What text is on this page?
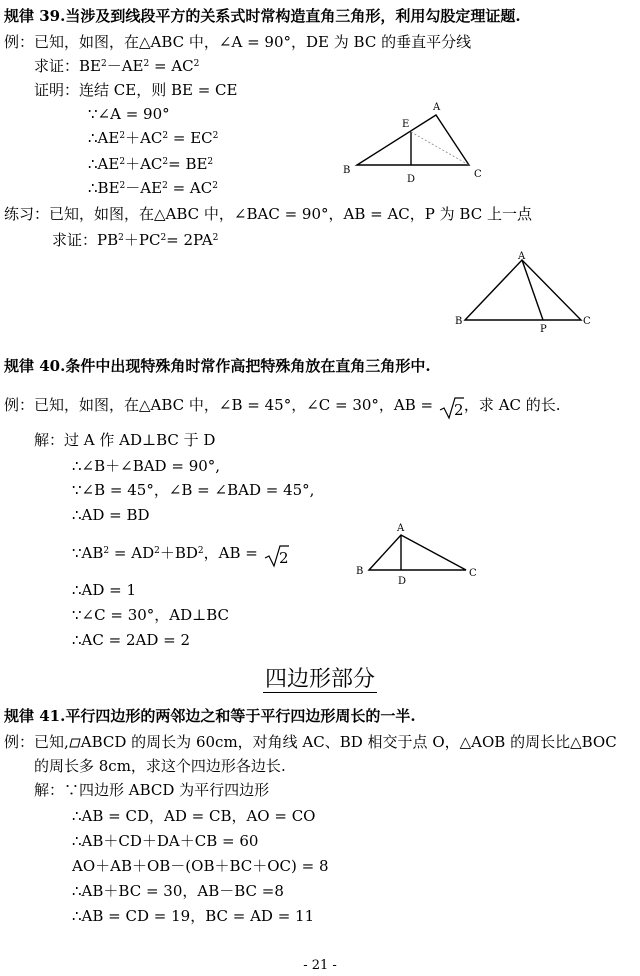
规律 39.当涉及到线段平方的关系式时常构造直角三角形，利用勾股定理证题.
例：已知，如图，在△ABC 中，∠A = 90°，DE 为 BC 的垂直平分线
求证：$BE^2-AE^2 = AC^2$
证明：连结 CE，则 BE = CE
∵∠A = 90°
$\therefore AE^2+AC^2 = EC^2$
$\therefore AE^2+AC^2= BE^2$
$\therefore BE^2-AE^2 = AC^2$
练习：已知，如图，在△ABC 中，∠BAC = 90°，AB = AC，P 为 BC 上一点
求证：$PB^2+PC^2= 2PA^2$
A
B	C
D
E
A
B	C
P
规律 40.条件中出现特殊角时常作高把特殊角放在直角三角形中.
例：已知，如图，在△ABC 中，∠B = 45°，∠C = 30°，AB = 2 ，求 AC 的长.
解：过 A 作 AD⊥BC 于 D
∴∠B＋∠BAD = 90°,
∵∠B = 45°，∠B = ∠BAD = 45°,
∴AD = BD
$\because AB^2 = AD^2+BD^2$，AB = 2
∴AD = 1
∵∠C = 30°，AD⊥BC
∴AC = 2AD = 2
A
B	C
D
四边形部分
规律 41.平行四边形的两邻边之和等于平行四边形周长的一半.
例：已知, ABCD 的周长为 60cm，对角线 AC、BD 相交于点 O，△AOB 的周长比△BOC
的周长多 8cm，求这个四边形各边长.
解：∵四边形 ABCD 为平行四边形
∴AB = CD，AD = CB，AO = CO
∴AB＋CD＋DA＋CB = 60
AO＋AB＋OB－(OB＋BC＋OC) = 8
∴AB＋BC = 30，AB－BC =8
∴AB = CD = 19，BC = AD = 11
- 21 -
